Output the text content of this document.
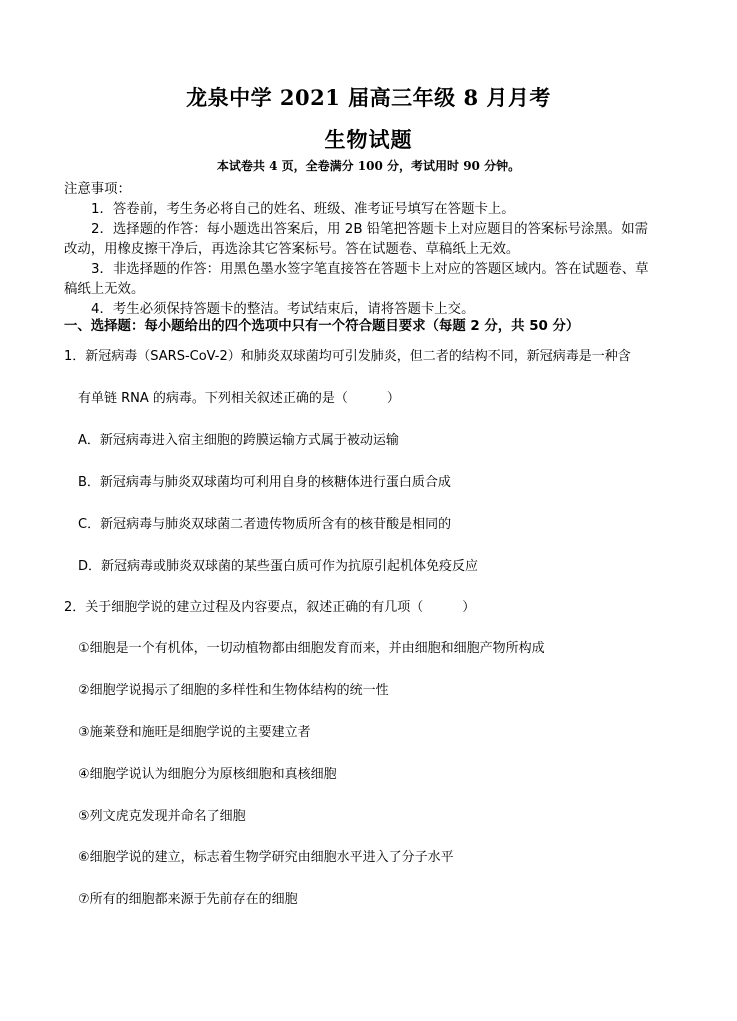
龙泉中学 2021 届高三年级 8 月月考
生物试题
本试卷共 4 页，全卷满分 100 分，考试用时 90 分钟。

注意事项：

1．答卷前，考生务必将自己的姓名、班级、准考证号填写在答题卡上。

2．选择题的作答：每小题选出答案后，用 2B 铅笔把答题卡上对应题目的答案标号涂黑。如需

改动，用橡皮擦干净后，再选涂其它答案标号。答在试题卷、草稿纸上无效。

3．非选择题的作答：用黑色墨水签字笔直接答在答题卡上对应的答题区域内。答在试题卷、草

稿纸上无效。

4．考生必须保持答题卡的整洁。考试结束后，请将答题卡上交。

一、选择题：每小题给出的四个选项中只有一个符合题目要求（每题 2 分，共 50 分）
1．新冠病毒（SARS-CoV-2）和肺炎双球菌均可引发肺炎，但二者的结构不同，新冠病毒是一种含
有单链 RNA 的病毒。下列相关叙述正确的是（　　　）
A．新冠病毒进入宿主细胞的跨膜运输方式属于被动运输
B．新冠病毒与肺炎双球菌均可利用自身的核糖体进行蛋白质合成
C．新冠病毒与肺炎双球菌二者遗传物质所含有的核苷酸是相同的
D．新冠病毒或肺炎双球菌的某些蛋白质可作为抗原引起机体免疫反应
2．关于细胞学说的建立过程及内容要点，叙述正确的有几项（　　　）
①细胞是一个有机体，一切动植物都由细胞发育而来，并由细胞和细胞产物所构成
②细胞学说揭示了细胞的多样性和生物体结构的统一性
③施莱登和施旺是细胞学说的主要建立者
④细胞学说认为细胞分为原核细胞和真核细胞
⑤列文虎克发现并命名了细胞
⑥细胞学说的建立，标志着生物学研究由细胞水平进入了分子水平
⑦所有的细胞都来源于先前存在的细胞
